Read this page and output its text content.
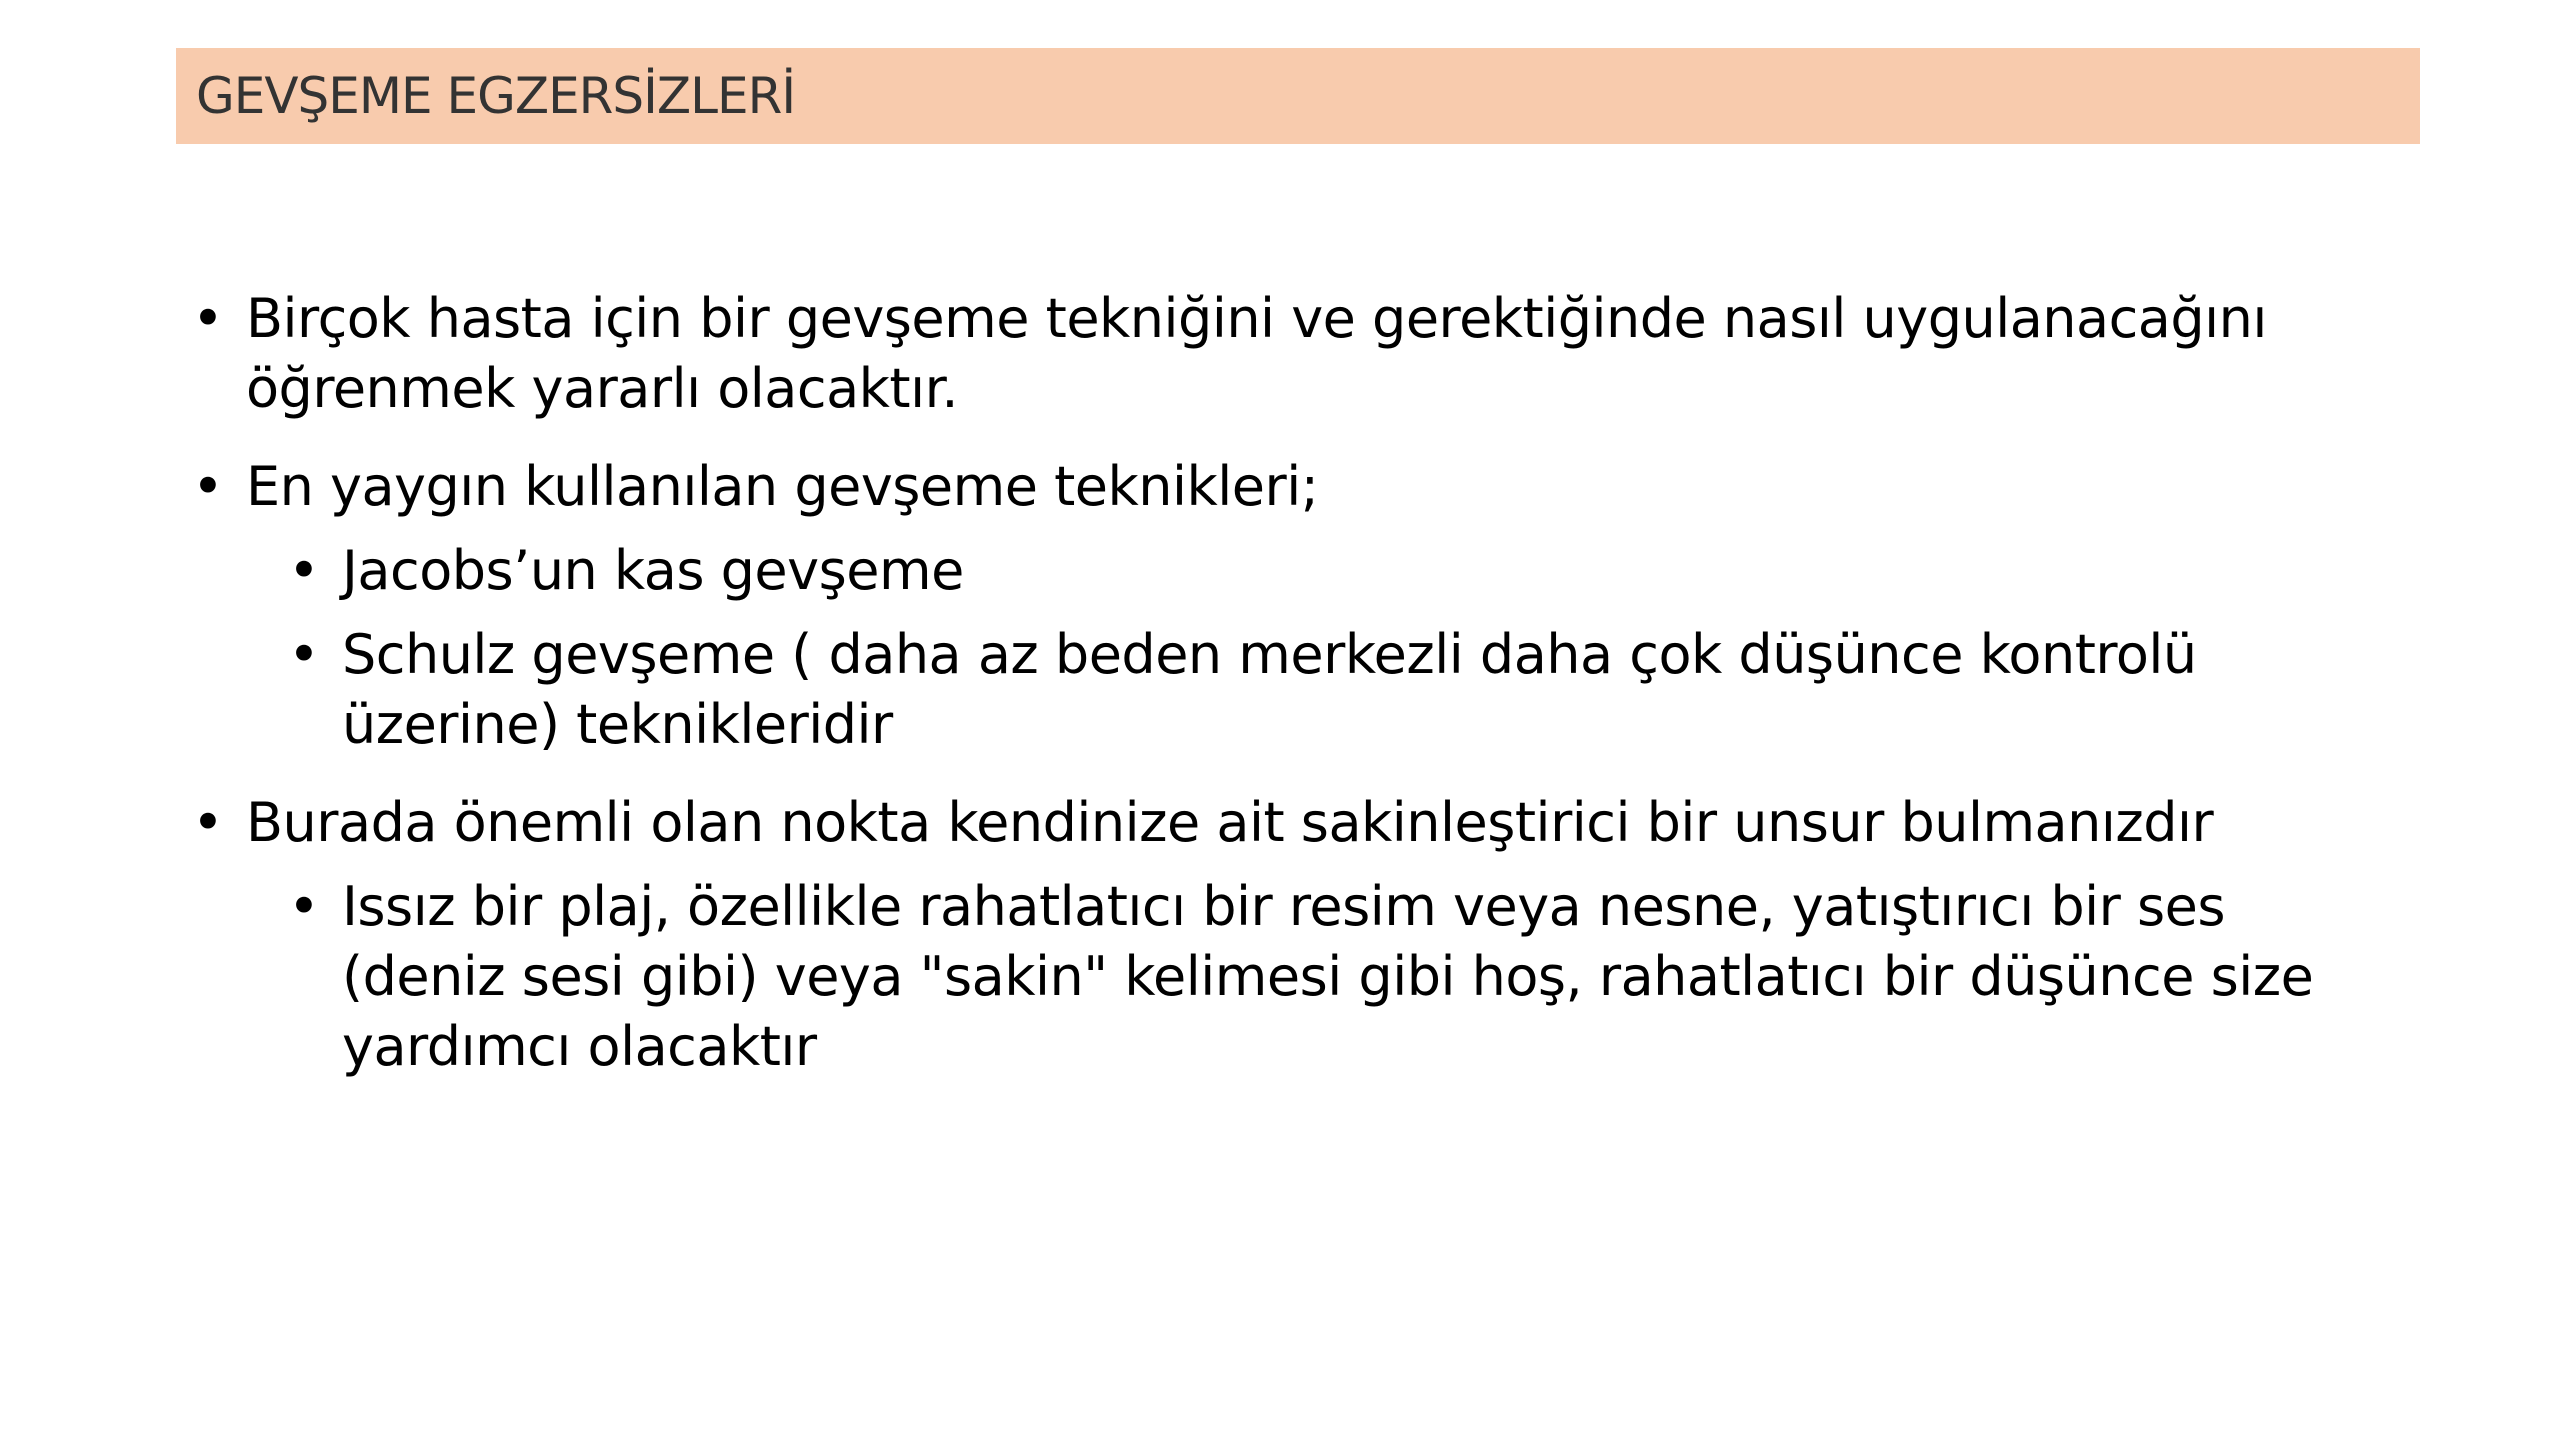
GEVŞEME EGZERSİZLERİ
• Birçok hasta için bir gevşeme tekniğini ve gerektiğinde nasıl uygulanacağını öğrenmek yararlı olacaktır.
• En yaygın kullanılan gevşeme teknikleri;
• Jacobs’un kas gevşeme
• Schulz gevşeme ( daha az beden merkezli daha çok düşünce kontrolü üzerine) teknikleridir
• Burada önemli olan nokta kendinize ait sakinleştirici bir unsur bulmanızdır
• Issız bir plaj, özellikle rahatlatıcı bir resim veya nesne, yatıştırıcı bir ses (deniz sesi gibi) veya "sakin" kelimesi gibi hoş, rahatlatıcı bir düşünce size yardımcı olacaktır
